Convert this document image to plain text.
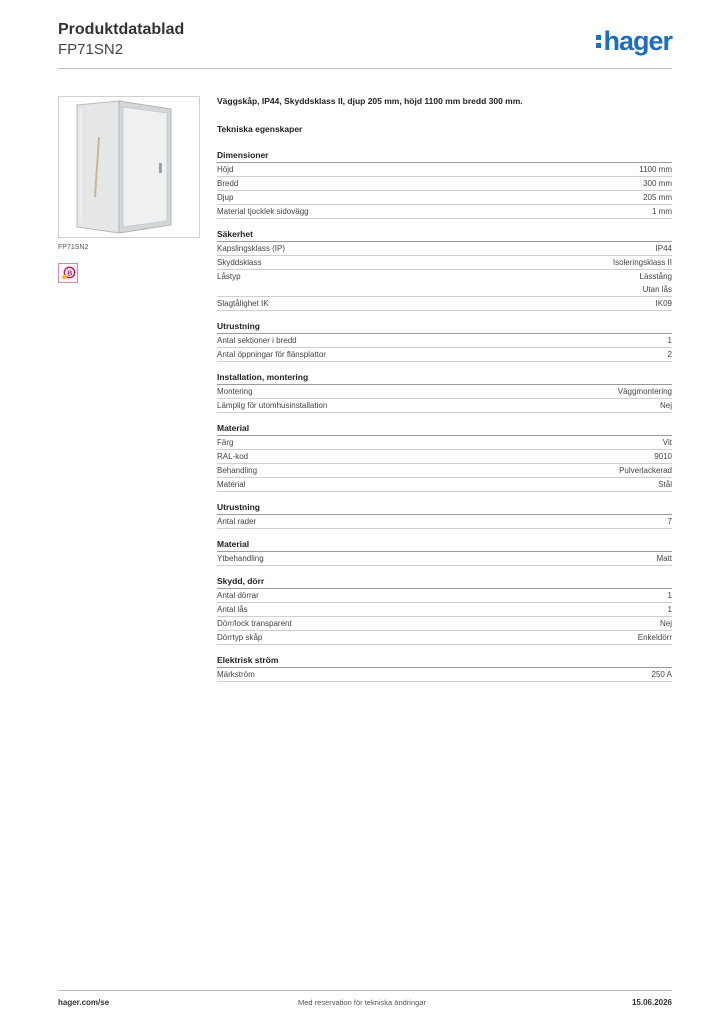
Produktdatablad
FP71SN2	hager
FP71SN2
B
Väggskåp, IP44, Skyddsklass II, djup 205 mm, höjd 1100 mm bredd 300 mm.
Tekniska egenskaper
Dimensioner
Höjd	1100 mm
Bredd	300 mm
Djup	205 mm
Material tjocklek sidovägg	1 mm
Säkerhet
Kapslingsklass (IP)	IP44
Skyddsklass	Isoleringsklass II
Låstyp	Lässtång
Utan lås
Slagtålighet IK	IK09
Utrustning
Antal sektioner i bredd	1
Antal öppningar för flänsplattor	2
Installation, montering
Montering	Väggmontering
Lämplig för utomhusinstallation	Nej
Material
Färg	Vit
RAL-kod	9010
Behandling	Pulverlackerad
Material	Stål
Utrustning
Antal rader	7
Material
Ytbehandling	Matt
Skydd, dörr
Antal dörrar	1
Antal lås	1
Dörr/lock transparent	Nej
Dörrtyp skåp	Enkeldörr
Elektrisk ström
Märkström	250 A
hager.com/se	Med reservation för tekniska ändringar	15.06.2026
